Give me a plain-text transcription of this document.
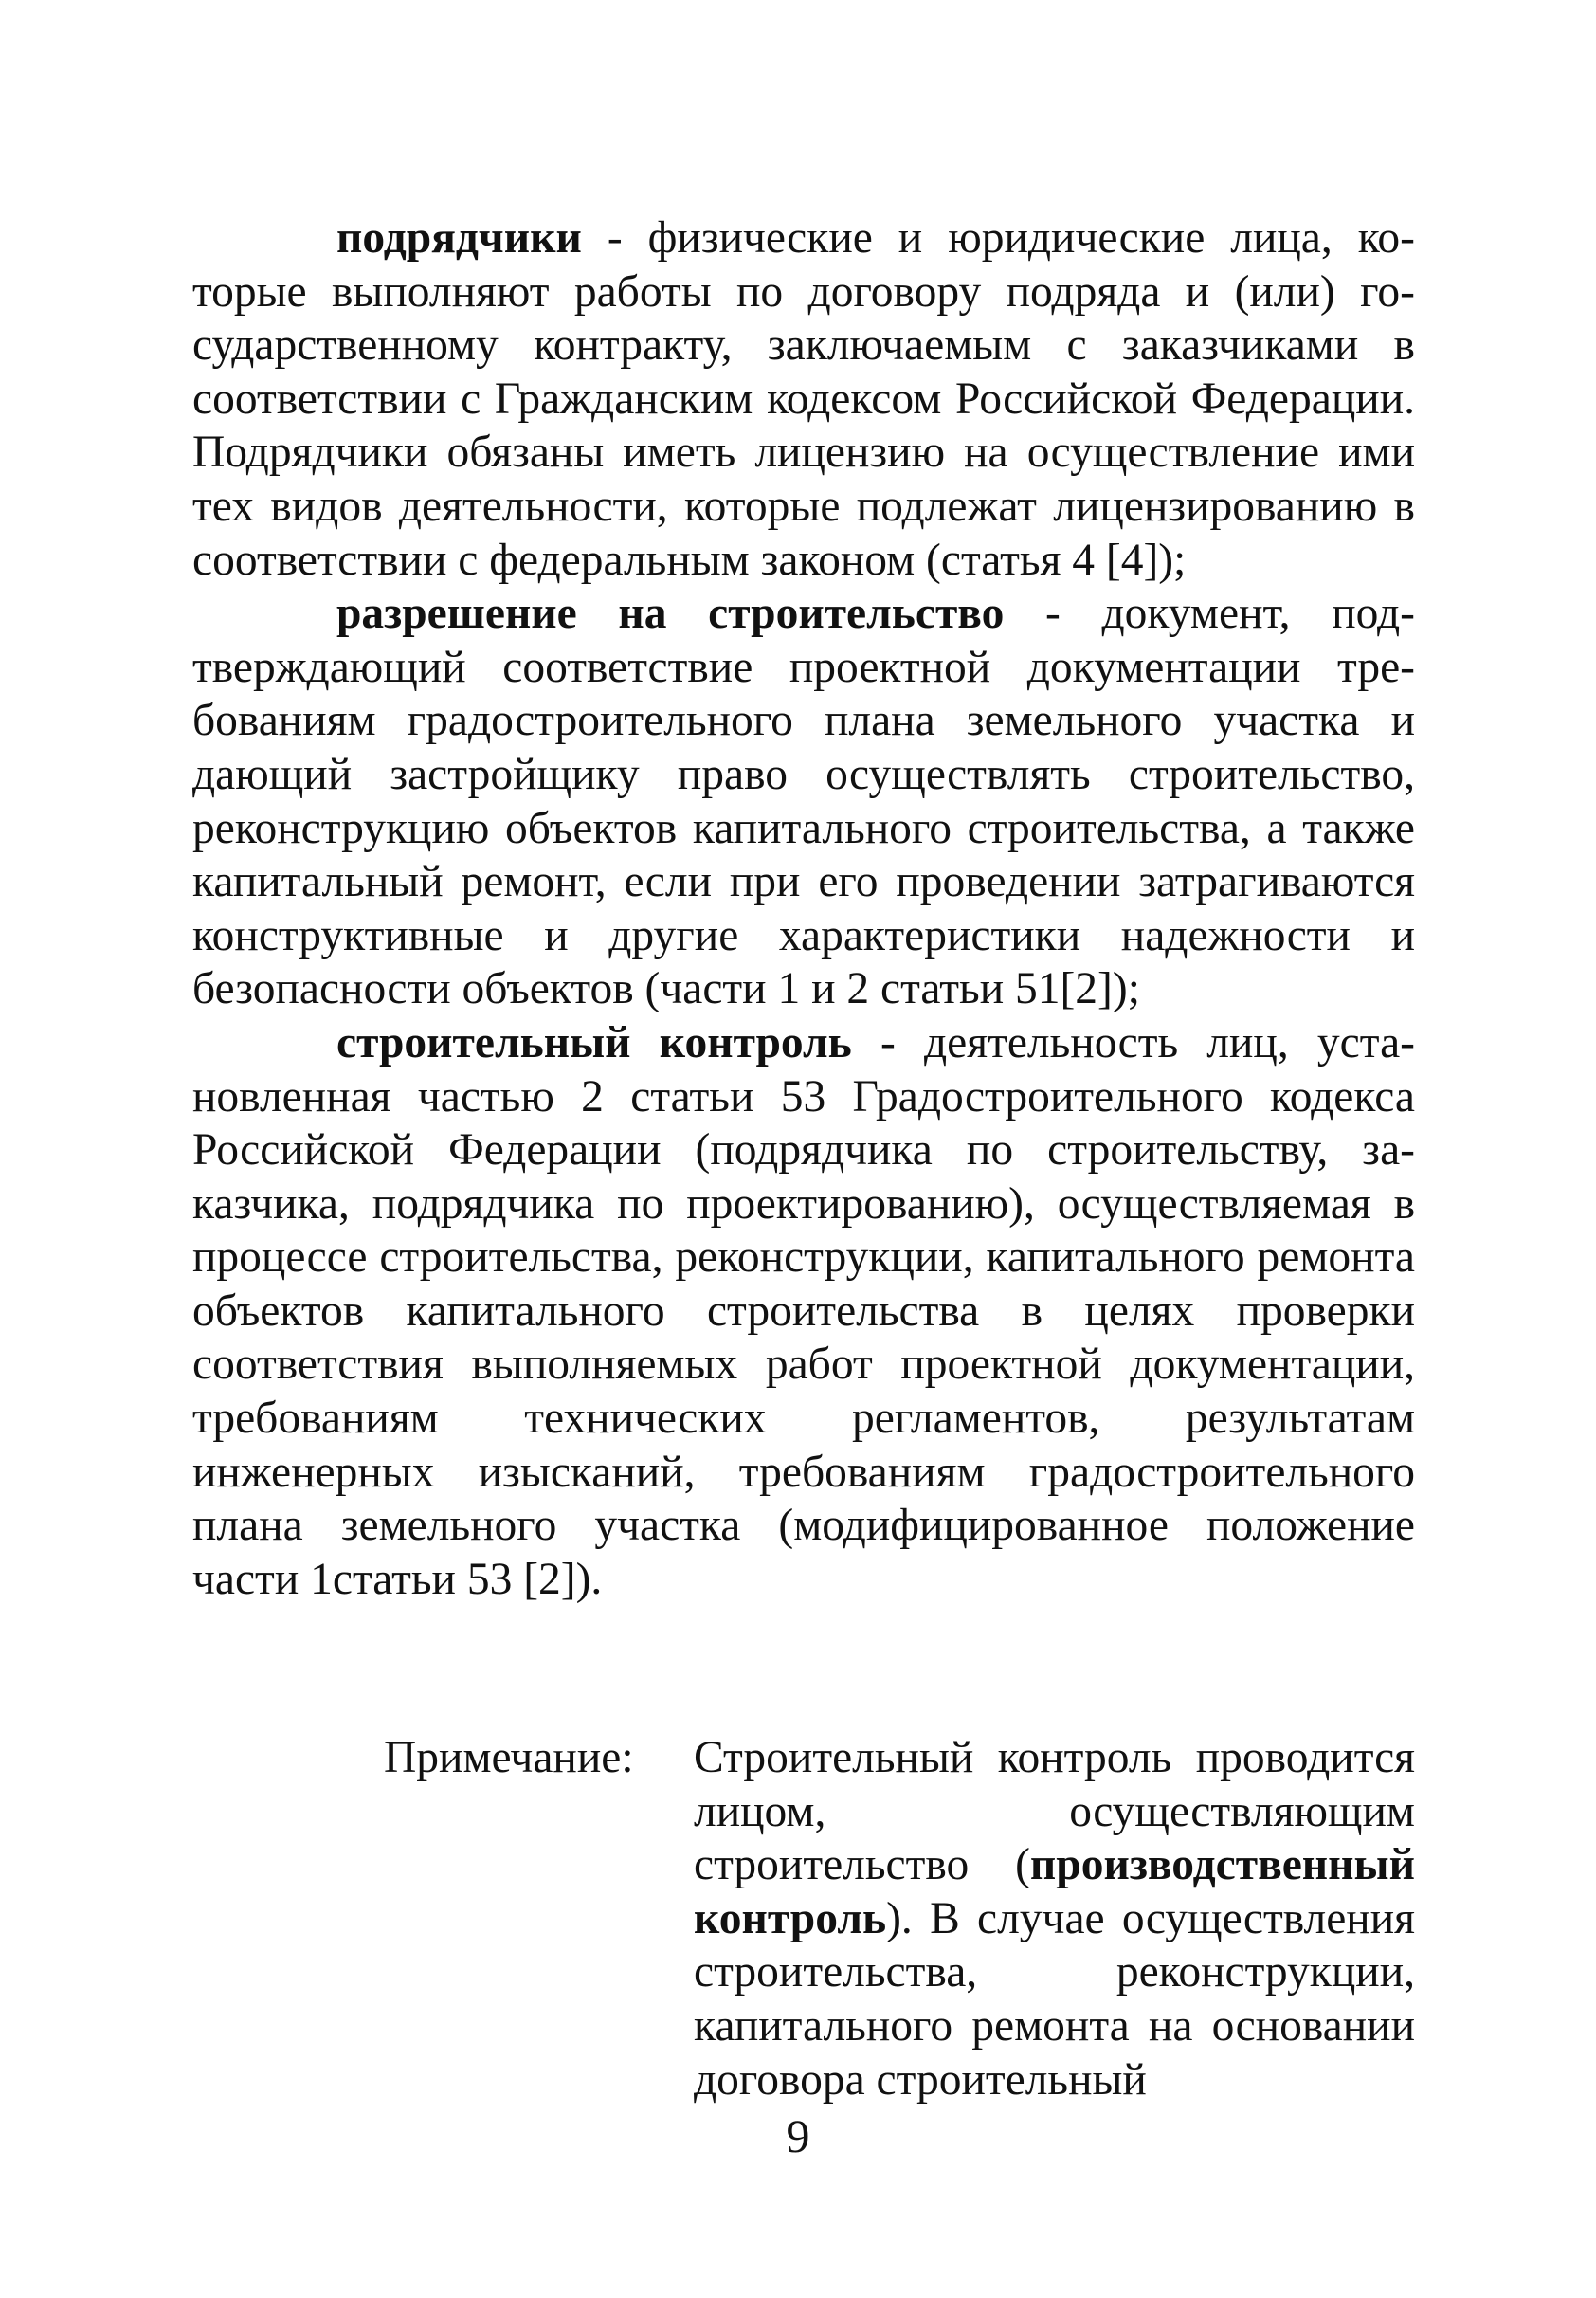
подрядчики - физические и юридические лица, которые выполняют работы по договору подряда и (или) государственному контракту, заключаемым с заказчиками в соответствии с Гражданским кодексом Российской Федерации. Подрядчики обязаны иметь лицензию на осуществление ими тех видов деятельности, которые подлежат лицензированию в соответствии с федеральным законом (статья 4 [4]);

разрешение на строительство - документ, подтверждающий соответствие проектной документации требованиям градостроительного плана земельного участка и дающий застройщику право осуществлять строительство, реконструкцию объектов капитального строительства, а также капитальный ремонт, если при его проведении затрагиваются конструктивные и другие характеристики надежности и безопасности объектов (части 1 и 2 статьи 51[2]);

строительный контроль - деятельность лиц, установленная частью 2 статьи 53 Градостроительного кодекса Российской Федерации (подрядчика по строительству, заказчика, подрядчика по проектированию), осуществляемая в процессе строительства, реконструкции, капитального ремонта объектов капитального строительства в целях проверки соответствия выполняемых работ проектной документации, требованиям технических регламентов, результатам инженерных изысканий, требованиям градостроительного плана земельного участка (модифицированное положение части 1статьи 53 [2]).

Примечание: Строительный контроль проводится лицом, осуществляющим строительство (производственный контроль). В случае осуществления строительства, реконструкции, капитального ремонта на основании договора строительный
9
